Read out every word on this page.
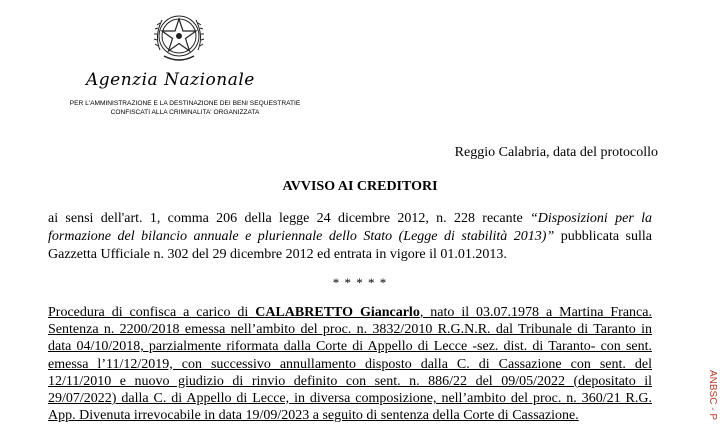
Agenzia Nazionale
PER L'AMMINISTRAZIONE E LA DESTINAZIONE DEI BENI SEQUESTRATIE CONFISCATI ALLA CRIMINALITA' ORGANIZZATA
Reggio Calabria, data del protocollo
AVVISO AI CREDITORI
ai sensi dell'art. 1, comma 206 della legge 24 dicembre 2012, n. 228 recante “Disposizioni per la formazione del bilancio annuale e pluriennale dello Stato (Legge di stabilità 2013)” pubblicata sulla Gazzetta Ufficiale n. 302 del 29 dicembre 2012 ed entrata in vigore il 01.01.2013.
* * * * *
Procedura di confisca a carico di CALABRETTO Giancarlo, nato il 03.07.1978 a Martina Franca. Sentenza n. 2200/2018 emessa nell’ambito del proc. n. 3832/2010 R.G.N.R. dal Tribunale di Taranto in data 04/10/2018, parzialmente riformata dalla Corte di Appello di Lecce -sez. dist. di Taranto- con sent. emessa l’11/12/2019, con successivo annullamento disposto dalla C. di Cassazione con sent. del 12/11/2010 e nuovo giudizio di rinvio definito con sent. n. 886/22 del 09/05/2022 (depositato il 29/07/2022) dalla C. di Appello di Lecce, in diversa composizione, nell’ambito del proc. n. 360/21 R.G. App. Divenuta irrevocabile in data 19/09/2023 a seguito di sentenza della Corte di Cassazione.	ANBSC - P
